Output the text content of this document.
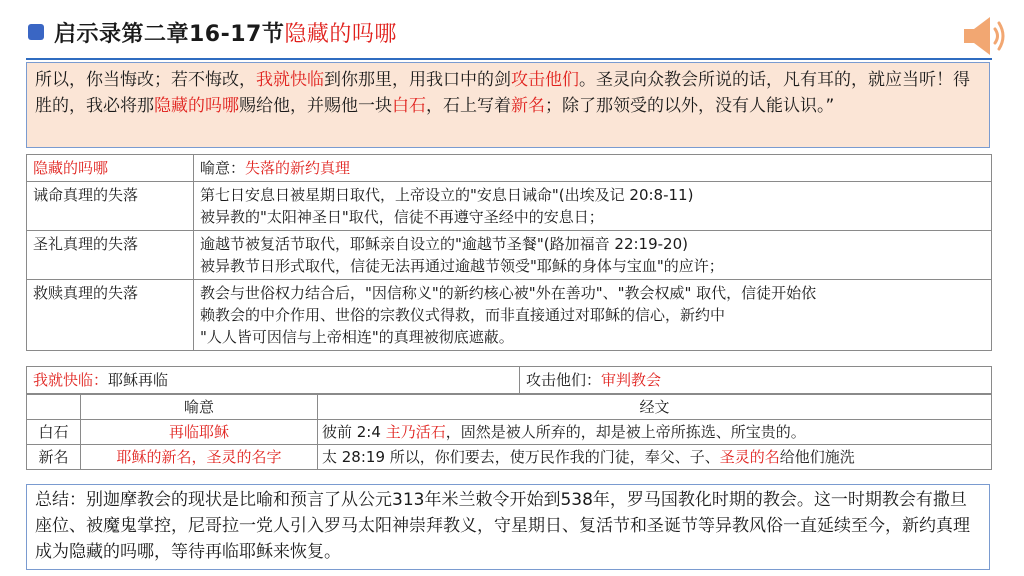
启示录第二章16-17节隐藏的吗哪
所以，你当悔改；若不悔改，我就快临到你那里，用我口中的剑攻击他们。圣灵向众教会所说的话，凡有耳的，就应当听！得胜的，我必将那隐藏的吗哪赐给他，并赐他一块白石，石上写着新名；除了那领受的以外，没有人能认识。”
隐藏的吗哪	喻意：失落的新约真理
诫命真理的失落	第七日安息日被星期日取代，上帝设立的"安息日诫命"(出埃及记 20:8-11)
被异教的"太阳神圣日"取代，信徒不再遵守圣经中的安息日；

圣礼真理的失落	逾越节被复活节取代，耶稣亲自设立的"逾越节圣餐"(路加福音 22:19-20)
被异教节日形式取代，信徒无法再通过逾越节领受"耶稣的身体与宝血"的应许；

救赎真理的失落	教会与世俗权力结合后，"因信称义"的新约核心被"外在善功"、"教会权威" 取代，信徒开始依
赖教会的中介作用、世俗的宗教仪式得救，而非直接通过对耶稣的信心，新约中
"人人皆可因信与上帝相连"的真理被彻底遮蔽。
我就快临：耶稣再临	攻击他们：审判教会
	喻意	经文
白石	再临耶稣	彼前 2:4 主乃活石，固然是被人所弃的，却是被上帝所拣选、所宝贵的。
新名	耶稣的新名，圣灵的名字	太 28:19 所以，你们要去，使万民作我的门徒，奉父、子、圣灵的名给他们施洗
总结：别迦摩教会的现状是比喻和预言了从公元313年米兰敕令开始到538年，罗马国教化时期的教会。这一时期教会有撒旦座位、被魔鬼掌控，尼哥拉一党人引入罗马太阳神崇拜教义，守星期日、复活节和圣诞节等异教风俗一直延续至今，新约真理成为隐藏的吗哪，等待再临耶稣来恢复。
